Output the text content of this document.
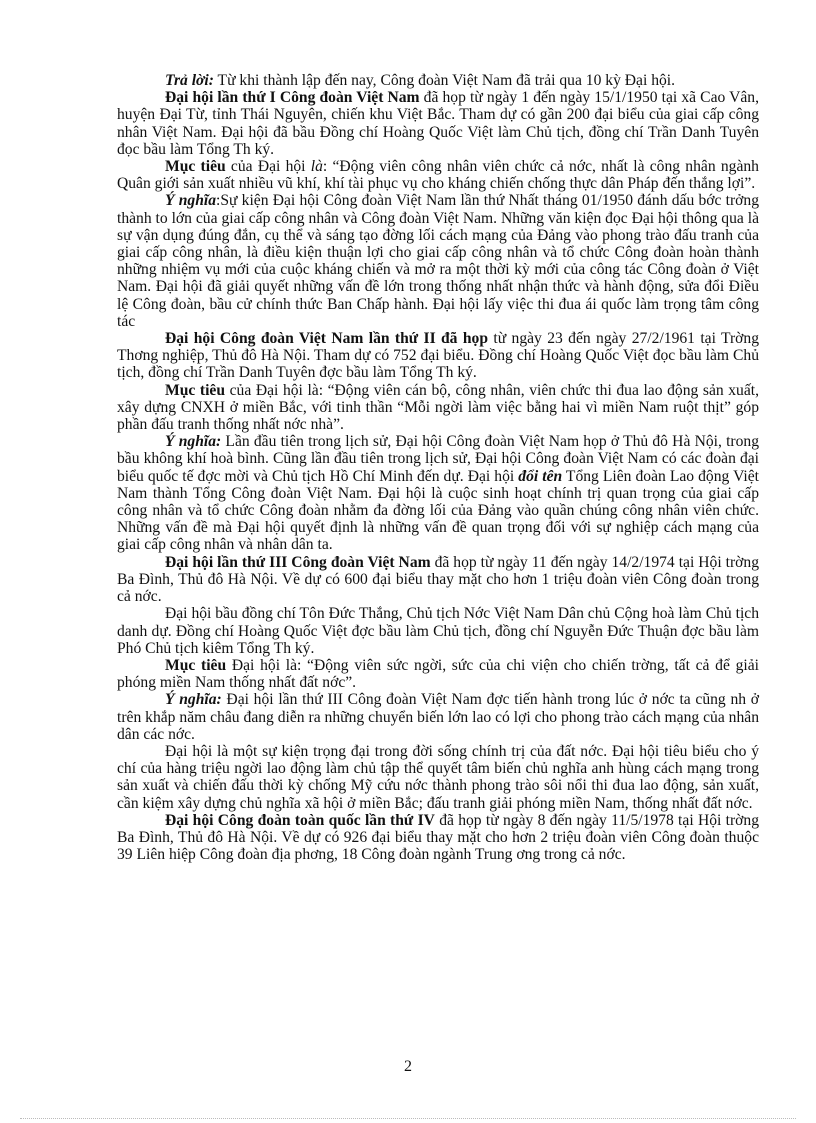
Trả lời: Từ khi thành lập đến nay, Công đoàn Việt Nam đã trải qua 10 kỳ Đại hội.

Đại hội lần thứ I Công đoàn Việt Nam đã họp từ ngày 1 đến ngày 15/1/1950 tại xã Cao Vân, huyện Đại Từ, tỉnh Thái Nguyên, chiến khu Việt Bắc. Tham dự có gần 200 đại biểu của giai cấp công nhân Việt Nam. Đại hội đã bầu Đồng chí Hoàng Quốc Việt làm Chủ tịch, đồng chí Trần Danh Tuyên đọc bầu làm Tổng Th ký.

Mục tiêu của Đại hội là: “Động viên công nhân viên chức cả nớc, nhất là công nhân ngành Quân giới sản xuất nhiều vũ khí, khí tài phục vụ cho kháng chiến chống thực dân Pháp đến thắng lợi”.

Ý nghĩa:Sự kiện Đại hội Công đoàn Việt Nam lần thứ Nhất tháng 01/1950 đánh dấu bớc trởng thành to lớn của giai cấp công nhân và Công đoàn Việt Nam. Những văn kiện đọc Đại hội thông qua là sự vận dụng đúng đắn, cụ thể và sáng tạo đờng lối cách mạng của Đảng vào phong trào đấu tranh của giai cấp công nhân, là điều kiện thuận lợi cho giai cấp công nhân và tổ chức Công đoàn hoàn thành những nhiệm vụ mới của cuộc kháng chiến và mở ra một thời kỳ mới của công tác Công đoàn ở Việt Nam. Đại hội đã giải quyết những vấn đề lớn trong thống nhất nhận thức và hành động, sửa đổi Điều lệ Công đoàn, bầu cử chính thức Ban Chấp hành. Đại hội lấy việc thi đua ái quốc làm trọng tâm công tác

Đại hội Công đoàn Việt Nam lần thứ II đã họp từ ngày 23 đến ngày 27/2/1961 tại Trờng Thơng nghiệp, Thủ đô Hà Nội. Tham dự có 752 đại biểu. Đồng chí Hoàng Quốc Việt đọc bầu làm Chủ tịch, đồng chí Trần Danh Tuyên đợc bầu làm Tổng Th ký.

Mục tiêu của Đại hội là: “Động viên cán bộ, công nhân, viên chức thi đua lao động sản xuất, xây dựng CNXH ở miền Bắc, với tinh thần “Mỗi ngời làm việc bằng hai vì miền Nam ruột thịt” góp phần đấu tranh thống nhất nớc nhà”.

Ý nghĩa: Lần đầu tiên trong lịch sử, Đại hội Công đoàn Việt Nam họp ở Thủ đô Hà Nội, trong bầu không khí hoà bình. Cũng lần đầu tiên trong lịch sử, Đại hội Công đoàn Việt Nam có các đoàn đại biểu quốc tế đợc mời và Chủ tịch Hồ Chí Minh đến dự. Đại hội đổi tên Tổng Liên đoàn Lao động Việt Nam thành Tổng Công đoàn Việt Nam. Đại hội là cuộc sinh hoạt chính trị quan trọng của giai cấp công nhân và tổ chức Công đoàn nhằm đa đờng lối của Đảng vào quần chúng công nhân viên chức. Những vấn đề mà Đại hội quyết định là những vấn đề quan trọng đối với sự nghiệp cách mạng của giai cấp công nhân và nhân dân ta.

Đại hội lần thứ III Công đoàn Việt Nam đã họp từ ngày 11 đến ngày 14/2/1974 tại Hội trờng Ba Đình, Thủ đô Hà Nội. Về dự có 600 đại biểu thay mặt cho hơn 1 triệu đoàn viên Công đoàn trong cả nớc.

Đại hội bầu đồng chí Tôn Đức Thắng, Chủ tịch Nớc Việt Nam Dân chủ Cộng hoà làm Chủ tịch danh dự. Đồng chí Hoàng Quốc Việt đợc bầu làm Chủ tịch, đồng chí Nguyễn Đức Thuận đợc bầu làm Phó Chủ tịch kiêm Tổng Th ký.

Mục tiêu Đại hội là: “Động viên sức ngời, sức của chi viện cho chiến trờng, tất cả để giải phóng miền Nam thống nhất đất nớc”.

Ý nghĩa: Đại hội lần thứ III Công đoàn Việt Nam đợc tiến hành trong lúc ở nớc ta cũng nh ở trên khắp năm châu đang diễn ra những chuyển biến lớn lao có lợi cho phong trào cách mạng của nhân dân các nớc.

Đại hội là một sự kiện trọng đại trong đời sống chính trị của đất nớc. Đại hội tiêu biểu cho ý chí của hàng triệu ngời lao động làm chủ tập thể quyết tâm biến chủ nghĩa anh hùng cách mạng trong sản xuất và chiến đấu thời kỳ chống Mỹ cứu nớc thành phong trào sôi nổi thi đua lao động, sản xuất, cần kiệm xây dựng chủ nghĩa xã hội ở miền Bắc; đấu tranh giải phóng miền Nam, thống nhất đất nớc.

Đại hội Công đoàn toàn quốc lần thứ IV đã họp từ ngày 8 đến ngày 11/5/1978 tại Hội trờng Ba Đình, Thủ đô Hà Nội. Về dự có 926 đại biểu thay mặt cho hơn 2 triệu đoàn viên Công đoàn thuộc 39 Liên hiệp Công đoàn địa phơng, 18 Công đoàn ngành Trung ơng trong cả nớc.

2
